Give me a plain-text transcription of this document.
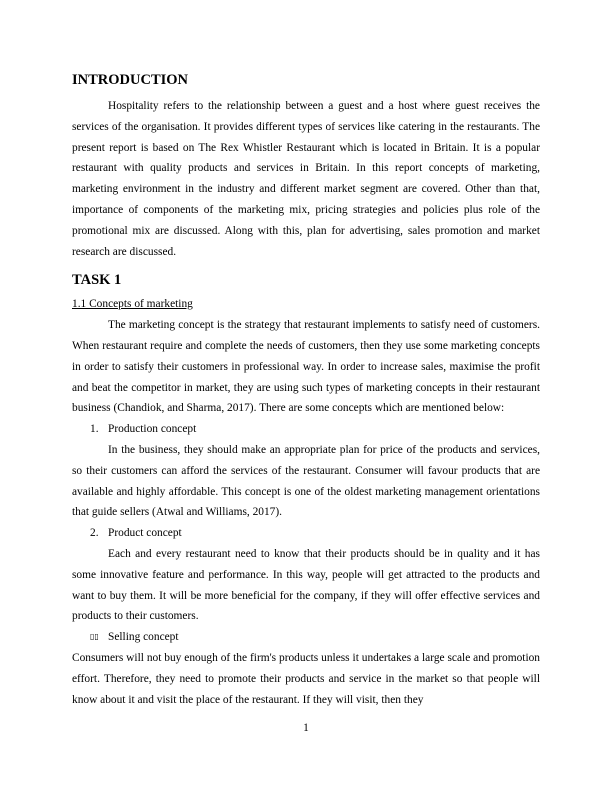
INTRODUCTION

Hospitality refers to the relationship between a guest and a host where guest receives the services of the organisation. It provides different types of services like catering in the restaurants. The present report is based on The Rex Whistler Restaurant which is located in Britain. It is a popular restaurant with quality products and services in Britain. In this report concepts of marketing, marketing environment in the industry and different market segment are covered. Other than that, importance of components of the marketing mix, pricing strategies and policies plus role of the promotional mix are discussed. Along with this, plan for advertising, sales promotion and market research are discussed.

TASK 1
1.1 Concepts of marketing

The marketing concept is the strategy that restaurant implements to satisfy need of customers. When restaurant require and complete the needs of customers, then they use some marketing concepts in order to satisfy their customers in professional way. In order to increase sales, maximise the profit and beat the competitor in market, they are using such types of marketing concepts in their restaurant business (Chandiok, and Sharma, 2017). There are some concepts which are mentioned below:

1. Production concept

In the business, they should make an appropriate plan for price of the products and services, so their customers can afford the services of the restaurant. Consumer will favour products that are available and highly affordable. This concept is one of the oldest marketing management orientations that guide sellers (Atwal and Williams, 2017).

2. Product concept

Each and every restaurant need to know that their products should be in quality and it has some innovative feature and performance. In this way, people will get attracted to the products and want to buy them. It will be more beneficial for the company, if they will offer effective services and products to their customers.

▯▯ Selling concept

Consumers will not buy enough of the firm's products unless it undertakes a large scale and promotion effort. Therefore, they need to promote their products and service in the market so that people will know about it and visit the place of the restaurant. If they will visit, then they

1
